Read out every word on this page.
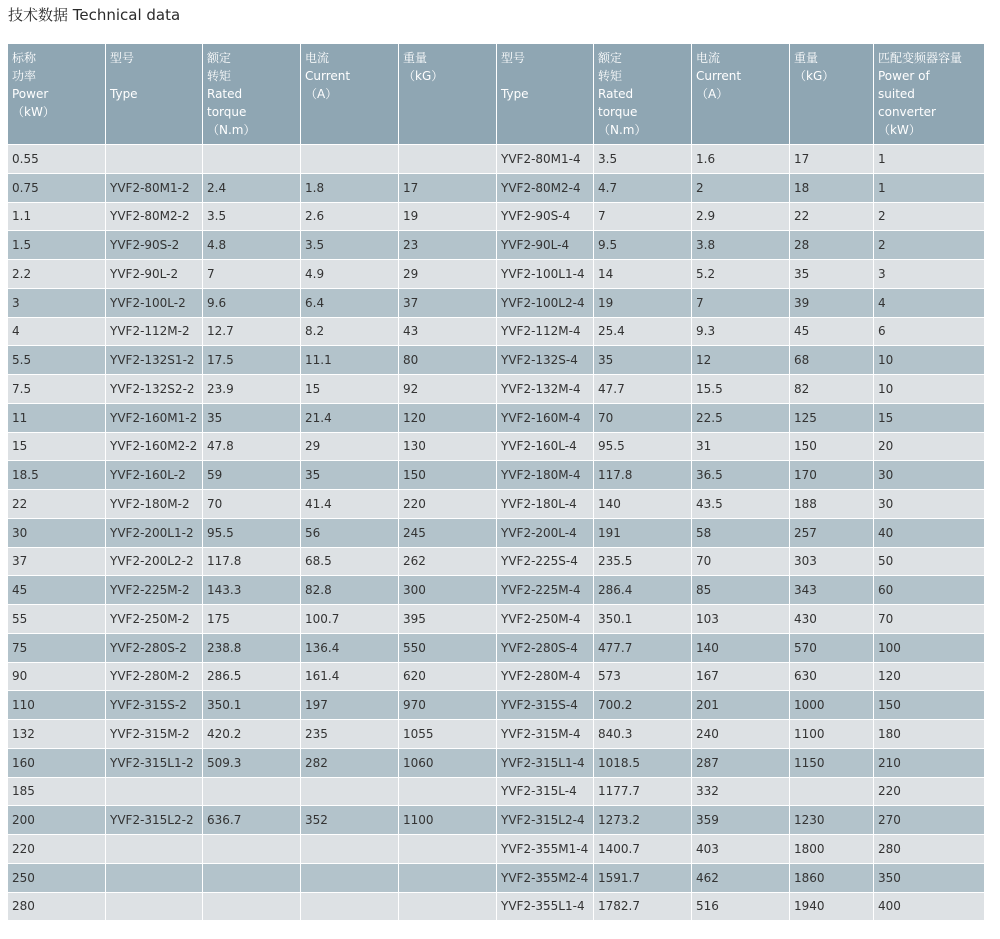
技术数据 Technical data
标称
功率
Power
（kW）	型号

Type	额定
转矩
Rated
torque
（N.m）	电流
Current
（A）	重量
（kG）	型号

Type	额定
转矩
Rated
torque
（N.m）	电流
Current
（A）	重量
（kG）	匹配变频器容量
Power of
suited
converter
（kW）

0.55					YVF2-80M1-4	3.5	1.6	17	1
0.75	YVF2-80M1-2	2.4	1.8	17	YVF2-80M2-4	4.7	2	18	1
1.1	YVF2-80M2-2	3.5	2.6	19	YVF2-90S-4	7	2.9	22	2
1.5	YVF2-90S-2	4.8	3.5	23	YVF2-90L-4	9.5	3.8	28	2
2.2	YVF2-90L-2	7	4.9	29	YVF2-100L1-4	14	5.2	35	3
3	YVF2-100L-2	9.6	6.4	37	YVF2-100L2-4	19	7	39	4
4	YVF2-112M-2	12.7	8.2	43	YVF2-112M-4	25.4	9.3	45	6
5.5	YVF2-132S1-2	17.5	11.1	80	YVF2-132S-4	35	12	68	10
7.5	YVF2-132S2-2	23.9	15	92	YVF2-132M-4	47.7	15.5	82	10
11	YVF2-160M1-2	35	21.4	120	YVF2-160M-4	70	22.5	125	15
15	YVF2-160M2-2	47.8	29	130	YVF2-160L-4	95.5	31	150	20
18.5	YVF2-160L-2	59	35	150	YVF2-180M-4	117.8	36.5	170	30
22	YVF2-180M-2	70	41.4	220	YVF2-180L-4	140	43.5	188	30
30	YVF2-200L1-2	95.5	56	245	YVF2-200L-4	191	58	257	40
37	YVF2-200L2-2	117.8	68.5	262	YVF2-225S-4	235.5	70	303	50
45	YVF2-225M-2	143.3	82.8	300	YVF2-225M-4	286.4	85	343	60
55	YVF2-250M-2	175	100.7	395	YVF2-250M-4	350.1	103	430	70
75	YVF2-280S-2	238.8	136.4	550	YVF2-280S-4	477.7	140	570	100
90	YVF2-280M-2	286.5	161.4	620	YVF2-280M-4	573	167	630	120
110	YVF2-315S-2	350.1	197	970	YVF2-315S-4	700.2	201	1000	150
132	YVF2-315M-2	420.2	235	1055	YVF2-315M-4	840.3	240	1100	180
160	YVF2-315L1-2	509.3	282	1060	YVF2-315L1-4	1018.5	287	1150	210
185					YVF2-315L-4	1177.7	332		220
200	YVF2-315L2-2	636.7	352	1100	YVF2-315L2-4	1273.2	359	1230	270
220					YVF2-355M1-4	1400.7	403	1800	280
250					YVF2-355M2-4	1591.7	462	1860	350
280					YVF2-355L1-4	1782.7	516	1940	400
